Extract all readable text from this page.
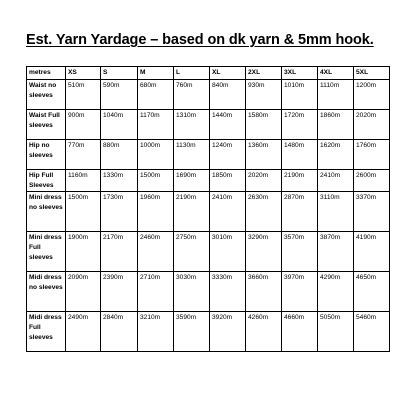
Est. Yarn Yardage – based on dk yarn & 5mm hook.
metres	XS	S	M	L	XL	2XL	3XL	4XL	5XL
Waist no sleeves	510m	590m	680m	760m	840m	930m	1010m	1110m	1200m
Waist Full sleeves	900m	1040m	1170m	1310m	1440m	1580m	1720m	1860m	2020m
Hip no sleeves	770m	880m	1000m	1130m	1240m	1360m	1480m	1620m	1760m
Hip Full Sleeves	1160m	1330m	1500m	1690m	1850m	2020m	2190m	2410m	2600m
Mini dress no sleeves	1500m	1730m	1960m	2190m	2410m	2630m	2870m	3110m	3370m
Mini dress Full sleeves	1900m	2170m	2460m	2750m	3010m	3290m	3570m	3870m	4190m
Midi dress no sleeves	2090m	2390m	2710m	3030m	3330m	3660m	3970m	4290m	4650m
Midi dress Full sleeves	2490m	2840m	3210m	3590m	3920m	4260m	4660m	5050m	5460m
